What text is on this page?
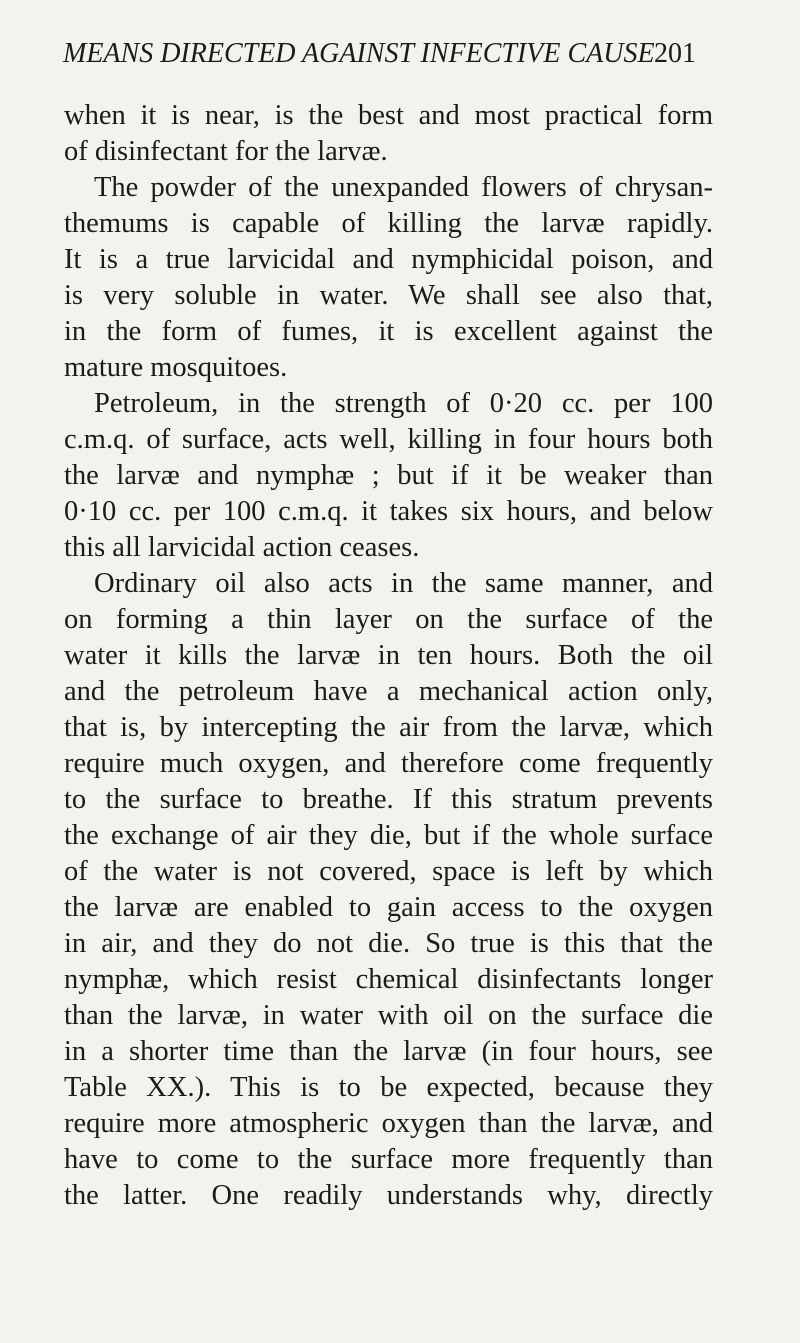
MEANS DIRECTED AGAINST INFECTIVE CAUSE 201
when it is near, is the best and most practical form
of disinfectant for the larvæ.
The powder of the unexpanded flowers of chrysan-
themums is capable of killing the larvæ rapidly.
It is a true larvicidal and nymphicidal poison, and
is very soluble in water. We shall see also that,
in the form of fumes, it is excellent against the
mature mosquitoes.
Petroleum, in the strength of 0·20 cc. per 100
c.m.q. of surface, acts well, killing in four hours both
the larvæ and nymphæ ; but if it be weaker than
0·10 cc. per 100 c.m.q. it takes six hours, and below
this all larvicidal action ceases.
Ordinary oil also acts in the same manner, and
on forming a thin layer on the surface of the
water it kills the larvæ in ten hours. Both the oil
and the petroleum have a mechanical action only,
that is, by intercepting the air from the larvæ, which
require much oxygen, and therefore come frequently
to the surface to breathe. If this stratum prevents
the exchange of air they die, but if the whole surface
of the water is not covered, space is left by which
the larvæ are enabled to gain access to the oxygen
in air, and they do not die. So true is this that the
nymphæ, which resist chemical disinfectants longer
than the larvæ, in water with oil on the surface die
in a shorter time than the larvæ (in four hours, see
Table XX.). This is to be expected, because they
require more atmospheric oxygen than the larvæ, and
have to come to the surface more frequently than
the latter. One readily understands why, directly
